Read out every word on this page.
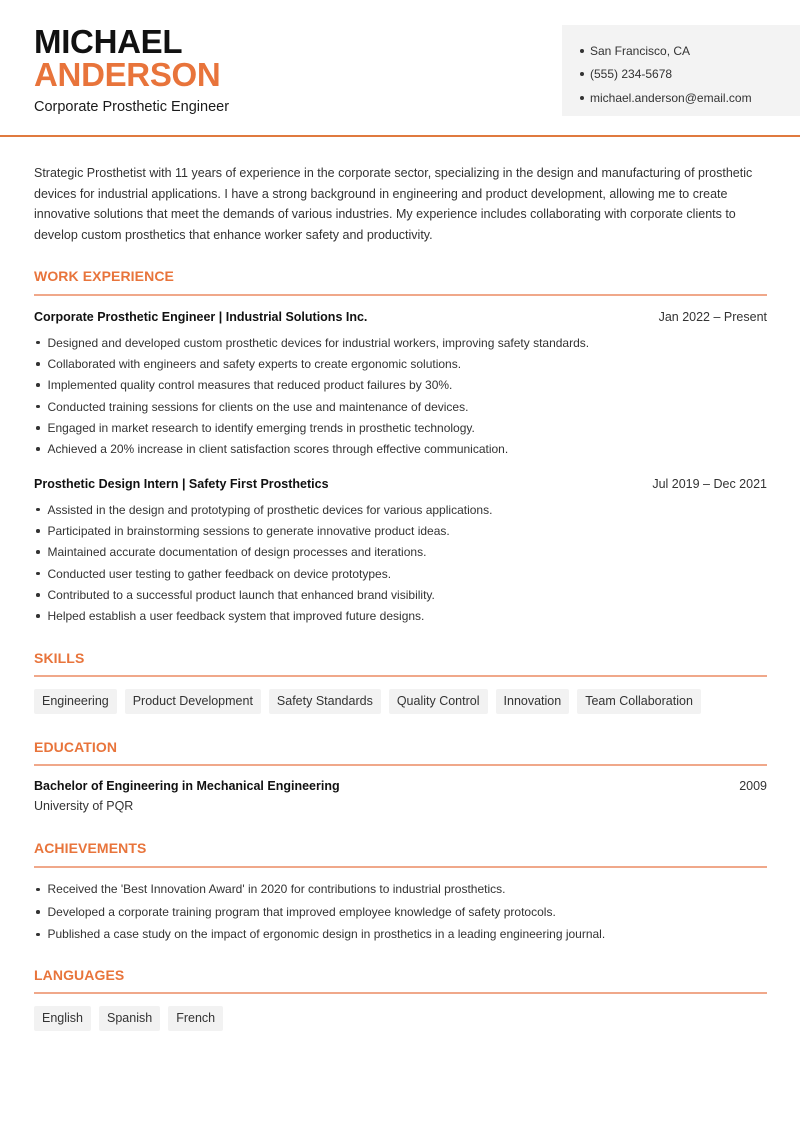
MICHAEL
ANDERSON
Corporate Prosthetic Engineer
San Francisco, CA
(555) 234-5678
michael.anderson@email.com
Strategic Prosthetist with 11 years of experience in the corporate sector, specializing in the design and manufacturing of prosthetic devices for industrial applications. I have a strong background in engineering and product development, allowing me to create innovative solutions that meet the demands of various industries. My experience includes collaborating with corporate clients to develop custom prosthetics that enhance worker safety and productivity.
WORK EXPERIENCE
Corporate Prosthetic Engineer | Industrial Solutions Inc.	Jan 2022 – Present
Designed and developed custom prosthetic devices for industrial workers, improving safety standards.
Collaborated with engineers and safety experts to create ergonomic solutions.
Implemented quality control measures that reduced product failures by 30%.
Conducted training sessions for clients on the use and maintenance of devices.
Engaged in market research to identify emerging trends in prosthetic technology.
Achieved a 20% increase in client satisfaction scores through effective communication.
Prosthetic Design Intern | Safety First Prosthetics	Jul 2019 – Dec 2021
Assisted in the design and prototyping of prosthetic devices for various applications.
Participated in brainstorming sessions to generate innovative product ideas.
Maintained accurate documentation of design processes and iterations.
Conducted user testing to gather feedback on device prototypes.
Contributed to a successful product launch that enhanced brand visibility.
Helped establish a user feedback system that improved future designs.
SKILLS
Engineering	Product Development	Safety Standards	Quality Control	Innovation	Team Collaboration
EDUCATION
Bachelor of Engineering in Mechanical Engineering	2009
University of PQR
ACHIEVEMENTS
Received the 'Best Innovation Award' in 2020 for contributions to industrial prosthetics.
Developed a corporate training program that improved employee knowledge of safety protocols.
Published a case study on the impact of ergonomic design in prosthetics in a leading engineering journal.
LANGUAGES
English	Spanish	French
